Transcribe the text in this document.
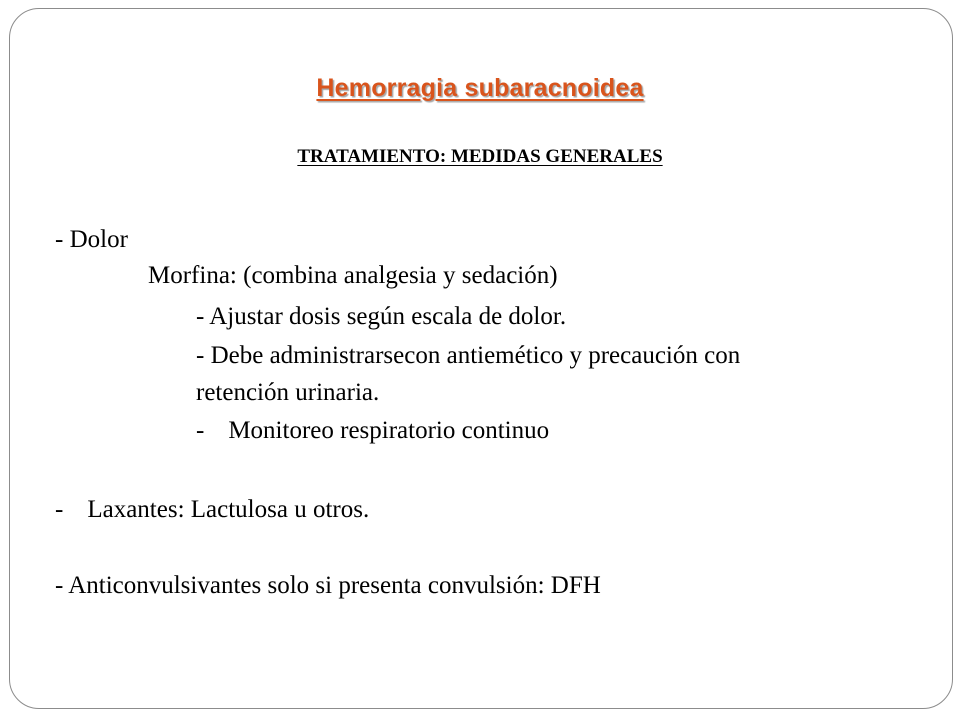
Hemorragia subaracnoidea
TRATAMIENTO: MEDIDAS GENERALES
- Dolor
Morfina: (combina analgesia y sedación)
- Ajustar dosis según escala de dolor.
- Debe administrarsecon antiemético y precaución con
retención urinaria.
- Monitoreo respiratorio continuo
- Laxantes: Lactulosa u otros.
- Anticonvulsivantes solo si presenta convulsión: DFH
